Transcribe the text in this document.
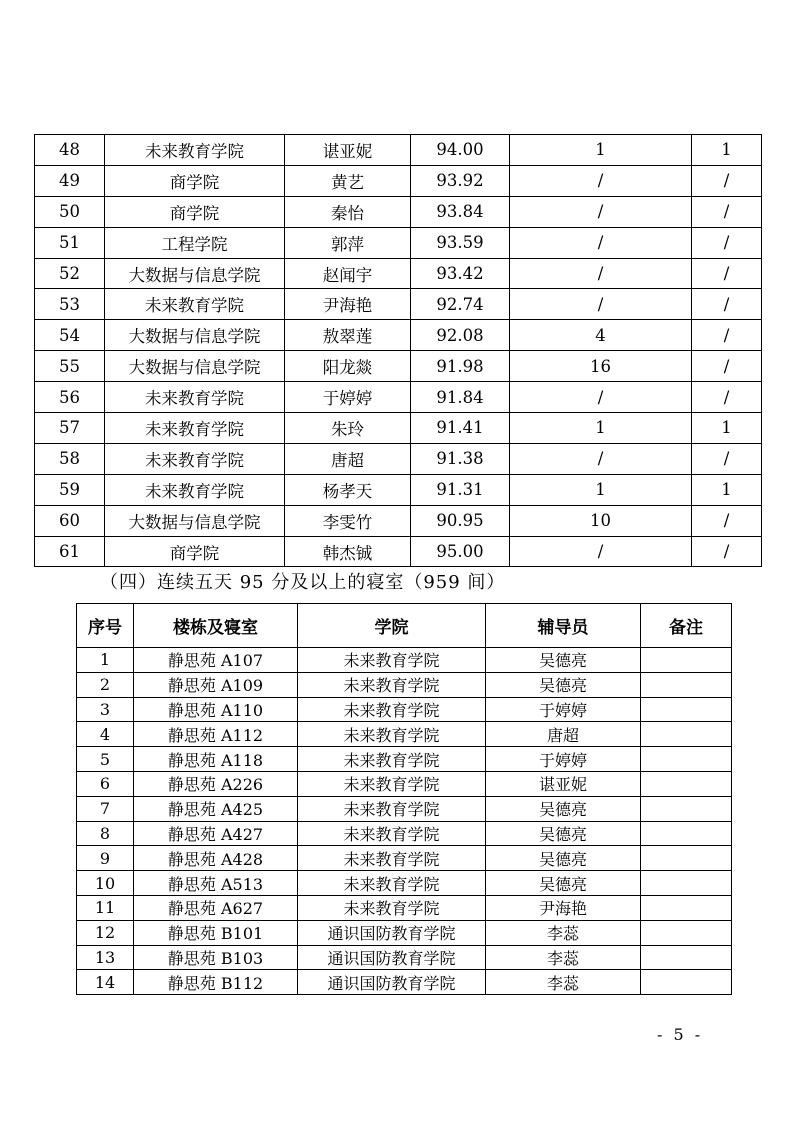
48	未来教育学院	谌亚妮	94.00	1	1
49	商学院	黄艺	93.92	/	/
50	商学院	秦怡	93.84	/	/
51	工程学院	郭萍	93.59	/	/
52	大数据与信息学院	赵闻宇	93.42	/	/
53	未来教育学院	尹海艳	92.74	/	/
54	大数据与信息学院	敖翠莲	92.08	4	/
55	大数据与信息学院	阳龙燚	91.98	16	/
56	未来教育学院	于婷婷	91.84	/	/
57	未来教育学院	朱玲	91.41	1	1
58	未来教育学院	唐超	91.38	/	/
59	未来教育学院	杨孝天	91.31	1	1
60	大数据与信息学院	李雯竹	90.95	10	/
61	商学院	韩杰铖	95.00	/	/
（四）连续五天 95 分及以上的寝室（959 间）
序号	楼栋及寝室	学院	辅导员	备注
1	静思苑 A107	未来教育学院	吴德亮	
2	静思苑 A109	未来教育学院	吴德亮	
3	静思苑 A110	未来教育学院	于婷婷	
4	静思苑 A112	未来教育学院	唐超	
5	静思苑 A118	未来教育学院	于婷婷	
6	静思苑 A226	未来教育学院	谌亚妮	
7	静思苑 A425	未来教育学院	吴德亮	
8	静思苑 A427	未来教育学院	吴德亮	
9	静思苑 A428	未来教育学院	吴德亮	
10	静思苑 A513	未来教育学院	吴德亮	
11	静思苑 A627	未来教育学院	尹海艳	
12	静思苑 B101	通识国防教育学院	李蕊	
13	静思苑 B103	通识国防教育学院	李蕊	
14	静思苑 B112	通识国防教育学院	李蕊	
- 5 -
